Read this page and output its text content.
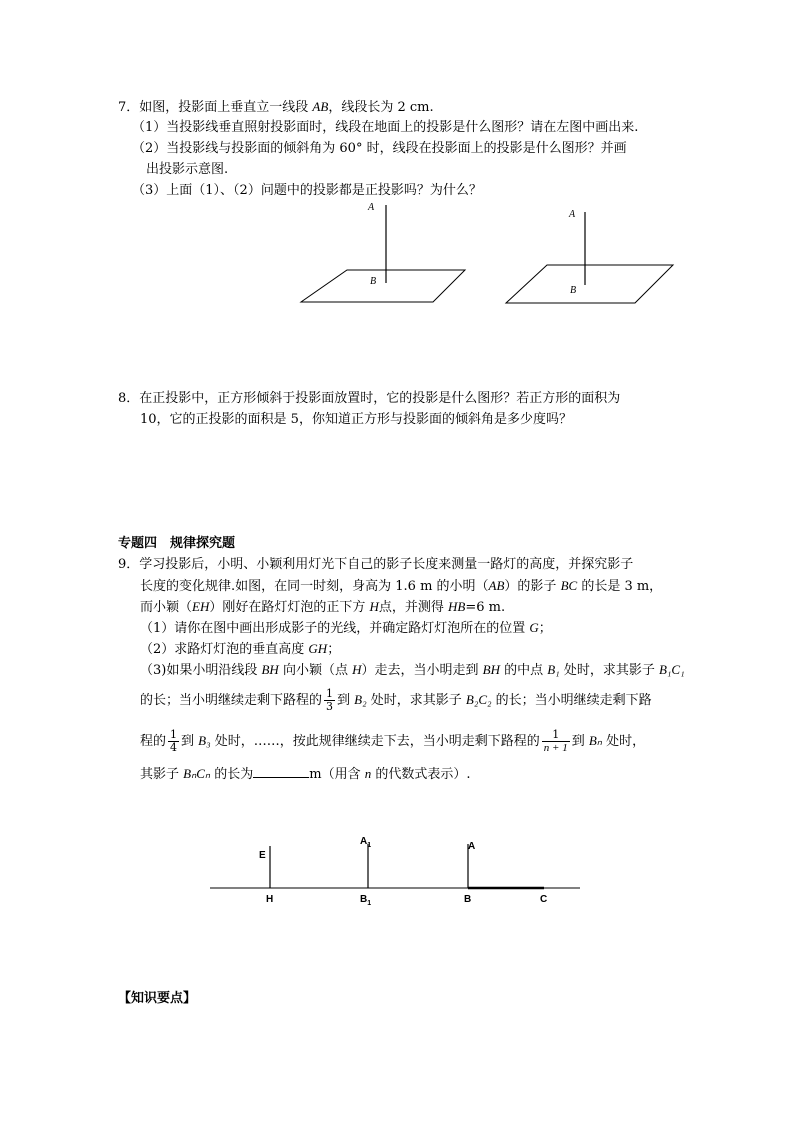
7．如图，投影面上垂直立一线段 AB，线段长为 2 cm.
（1）当投影线垂直照射投影面时，线段在地面上的投影是什么图形？请在左图中画出来.
（2）当投影线与投影面的倾斜角为 60° 时，线段在投影面上的投影是什么图形？并画
出投影示意图.
（3）上面（1）、（2）问题中的投影都是正投影吗？为什么？
A
B
A
B
8．在正投影中，正方形倾斜于投影面放置时，它的投影是什么图形？若正方形的面积为
10，它的正投影的面积是 5，你知道正方形与投影面的倾斜角是多少度吗？
专题四　规律探究题
9．学习投影后，小明、小颖利用灯光下自己的影子长度来测量一路灯的高度，并探究影子
长度的变化规律.如图，在同一时刻，身高为 1.6 m 的小明（AB）的影子 BC 的长是 3 m，
而小颖（EH）刚好在路灯灯泡的正下方 H点，并测得 HB=6 m.
（1）请你在图中画出形成影子的光线，并确定路灯灯泡所在的位置 G；
（2）求路灯灯泡的垂直高度 GH；
（3)如果小明沿线段 BH 向小颖（点 H）走去，当小明走到 BH 的中点 B₁ 处时，求其影子 B₁C₁
的长；当小明继续走剩下路程的 $\frac{1}{3}$ 到 B₂ 处时，求其影子 B₂C₂ 的长；当小明继续走剩下路
程的 $\frac{1}{4}$ 到 B₃ 处时，……，按此规律继续走下去，当小明走剩下路程的 $\frac{1}{n + 1}$ 到 Bₙ 处时，
其影子 BₙCₙ 的长为	m（用含 n 的代数式表示）.
E
H
$A_1$
$B_1$
A
B	C
【知识要点】
